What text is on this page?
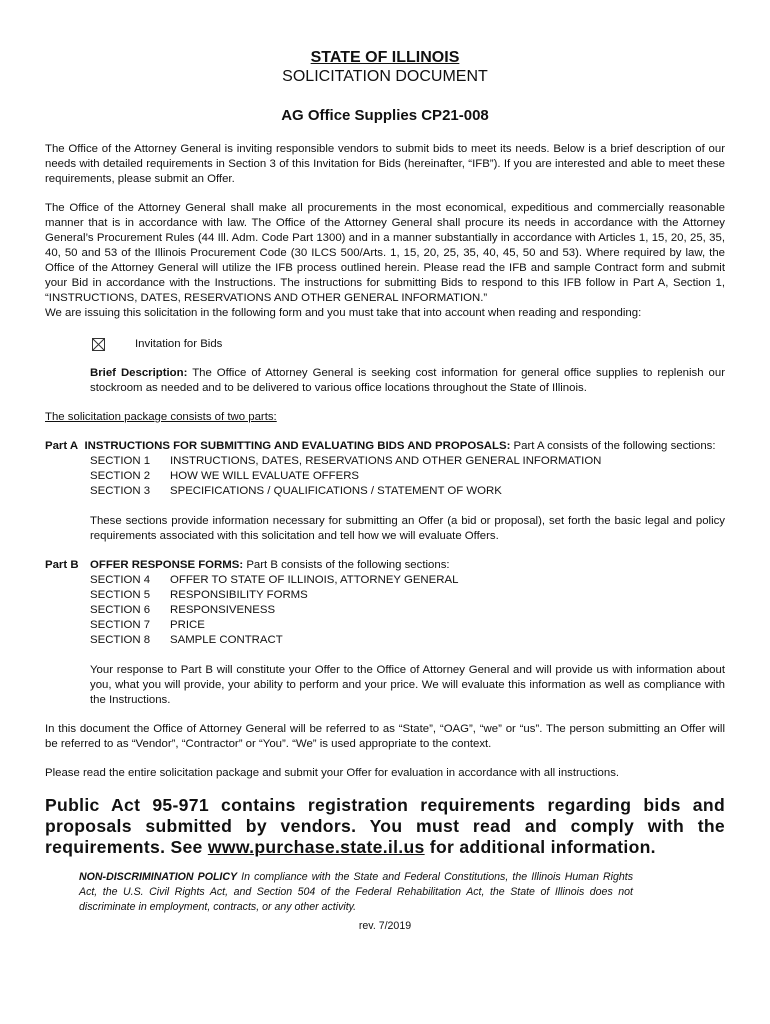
STATE OF ILLINOIS
SOLICITATION DOCUMENT
AG Office Supplies CP21-008

The Office of the Attorney General is inviting responsible vendors to submit bids to meet its needs. Below is a brief description of our needs with detailed requirements in Section 3 of this Invitation for Bids (hereinafter, “IFB”). If you are interested and able to meet these requirements, please submit an Offer.

The Office of the Attorney General shall make all procurements in the most economical, expeditious and commercially reasonable manner that is in accordance with law. The Office of the Attorney General shall procure its needs in accordance with the Attorney General’s Procurement Rules (44 Ill. Adm. Code Part 1300) and in a manner substantially in accordance with Articles 1, 15, 20, 25, 35, 40, 50 and 53 of the Illinois Procurement Code (30 ILCS 500/Arts. 1, 15, 20, 25, 35, 40, 45, 50 and 53). Where required by law, the Office of the Attorney General will utilize the IFB process outlined herein. Please read the IFB and sample Contract form and submit your Bid in accordance with the Instructions. The instructions for submitting Bids to respond to this IFB follow in Part A, Section 1, “INSTRUCTIONS, DATES, RESERVATIONS AND OTHER GENERAL INFORMATION.”

We are issuing this solicitation in the following form and you must take that into account when reading and responding:

Invitation for Bids

Brief Description: The Office of Attorney General is seeking cost information for general office supplies to replenish our stockroom as needed and to be delivered to various office locations throughout the State of Illinois.

The solicitation package consists of two parts:

Part A INSTRUCTIONS FOR SUBMITTING AND EVALUATING BIDS AND PROPOSALS: Part A consists of the following sections:

SECTION 1	INSTRUCTIONS, DATES, RESERVATIONS AND OTHER GENERAL INFORMATION
SECTION 2	HOW WE WILL EVALUATE OFFERS
SECTION 3	SPECIFICATIONS / QUALIFICATIONS / STATEMENT OF WORK

These sections provide information necessary for submitting an Offer (a bid or proposal), set forth the basic legal and policy requirements associated with this solicitation and tell how we will evaluate Offers.

Part B	OFFER RESPONSE FORMS: Part B consists of the following sections:
SECTION 4	OFFER TO STATE OF ILLINOIS, ATTORNEY GENERAL
SECTION 5	RESPONSIBILITY FORMS
SECTION 6	RESPONSIVENESS
SECTION 7	PRICE
SECTION 8	SAMPLE CONTRACT

Your response to Part B will constitute your Offer to the Office of Attorney General and will provide us with information about you, what you will provide, your ability to perform and your price. We will evaluate this information as well as compliance with the Instructions.

In this document the Office of Attorney General will be referred to as “State”, “OAG”, “we” or “us”. The person submitting an Offer will be referred to as “Vendor”, “Contractor” or “You”. “We” is used appropriate to the context.

Please read the entire solicitation package and submit your Offer for evaluation in accordance with all instructions.

Public Act 95-971 contains registration requirements regarding bids and proposals submitted by vendors. You must read and comply with the requirements. See www.purchase.state.il.us for additional information.
NON-DISCRIMINATION POLICY In compliance with the State and Federal Constitutions, the Illinois Human Rights Act, the U.S. Civil Rights Act, and Section 504 of the Federal Rehabilitation Act, the State of Illinois does not discriminate in employment, contracts, or any other activity.
rev. 7/2019
